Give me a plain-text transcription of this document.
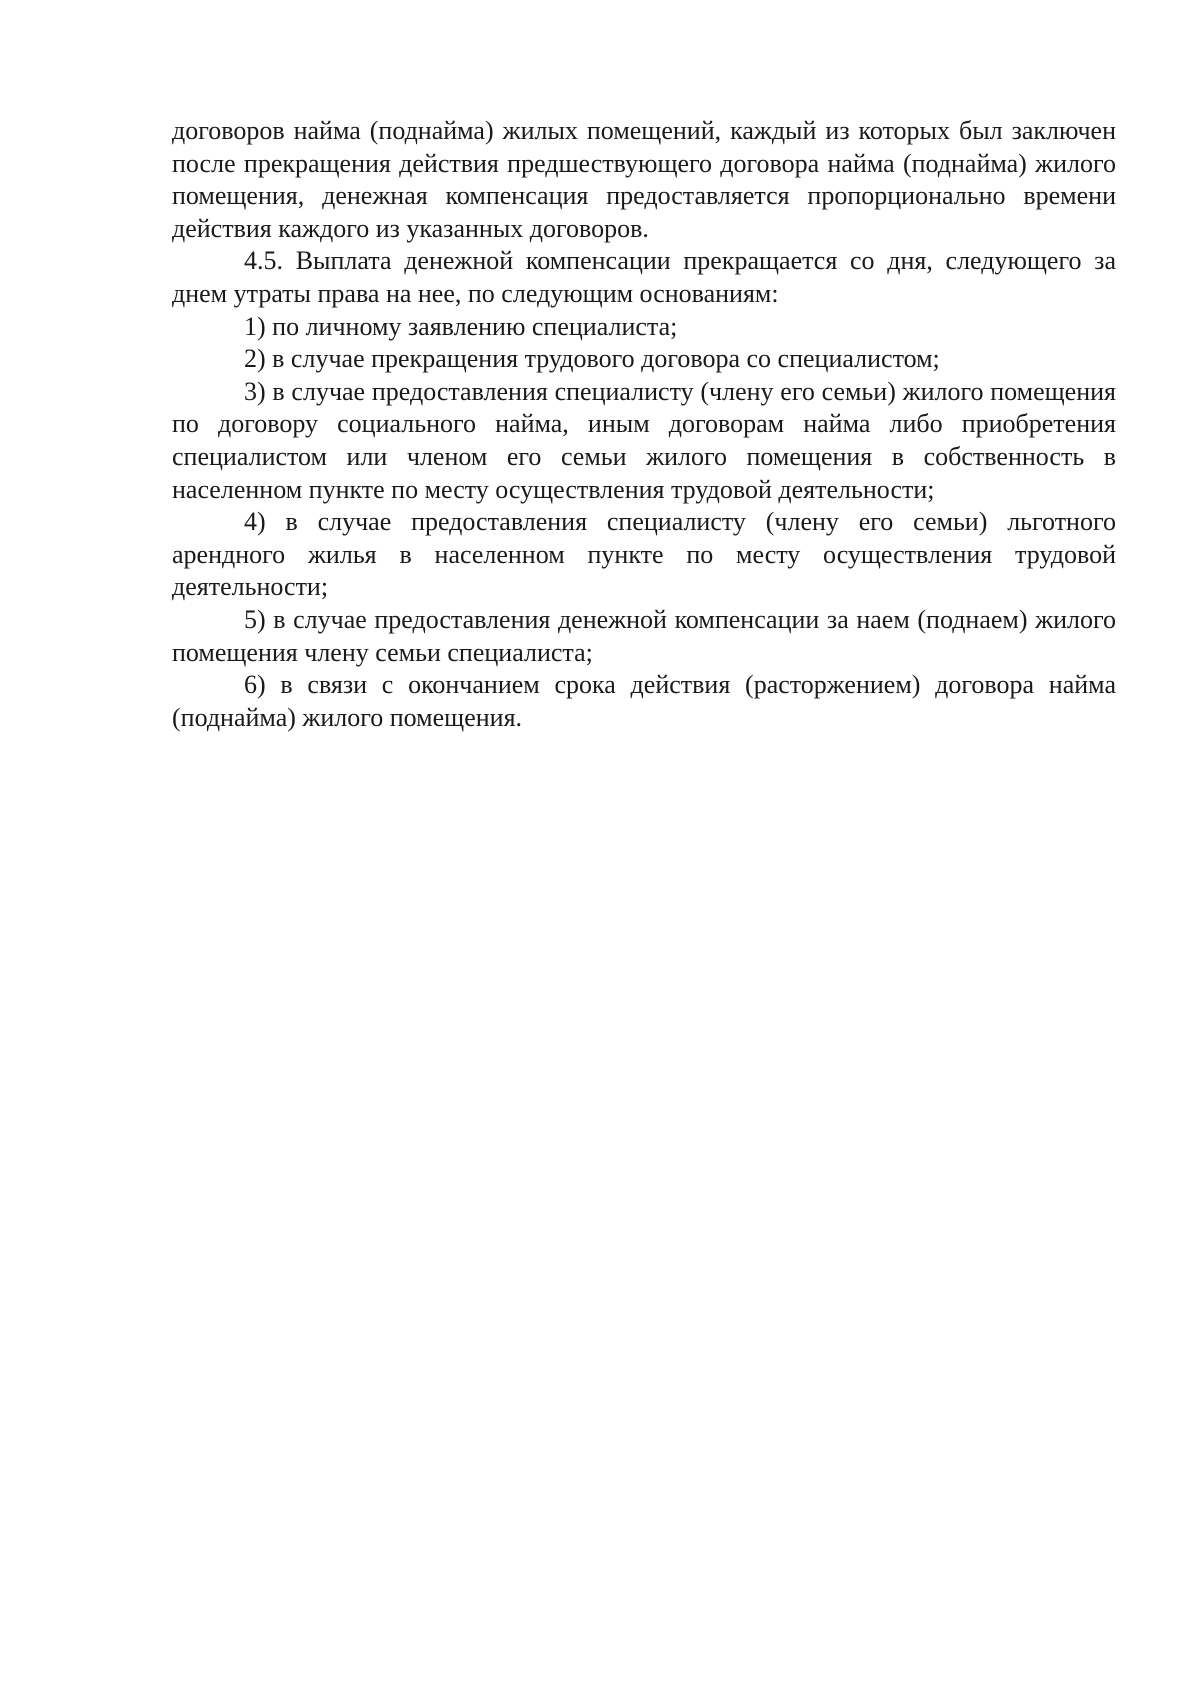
договоров найма (поднайма) жилых помещений, каждый из которых был заключен после прекращения действия предшествующего договора найма (поднайма) жилого помещения, денежная компенсация предоставляется пропорционально времени действия каждого из указанных договоров.

4.5. Выплата денежной компенсации прекращается со дня, следующего за днем утраты права на нее, по следующим основаниям:

1) по личному заявлению специалиста;

2) в случае прекращения трудового договора со специалистом;

3) в случае предоставления специалисту (члену его семьи) жилого помещения по договору социального найма, иным договорам найма либо приобретения специалистом или членом его семьи жилого помещения в собственность в населенном пункте по месту осуществления трудовой деятельности;

4) в случае предоставления специалисту (члену его семьи) льготного арендного жилья в населенном пункте по месту осуществления трудовой деятельности;

5) в случае предоставления денежной компенсации за наем (поднаем) жилого помещения члену семьи специалиста;

6) в связи с окончанием срока действия (расторжением) договора найма (поднайма) жилого помещения.
